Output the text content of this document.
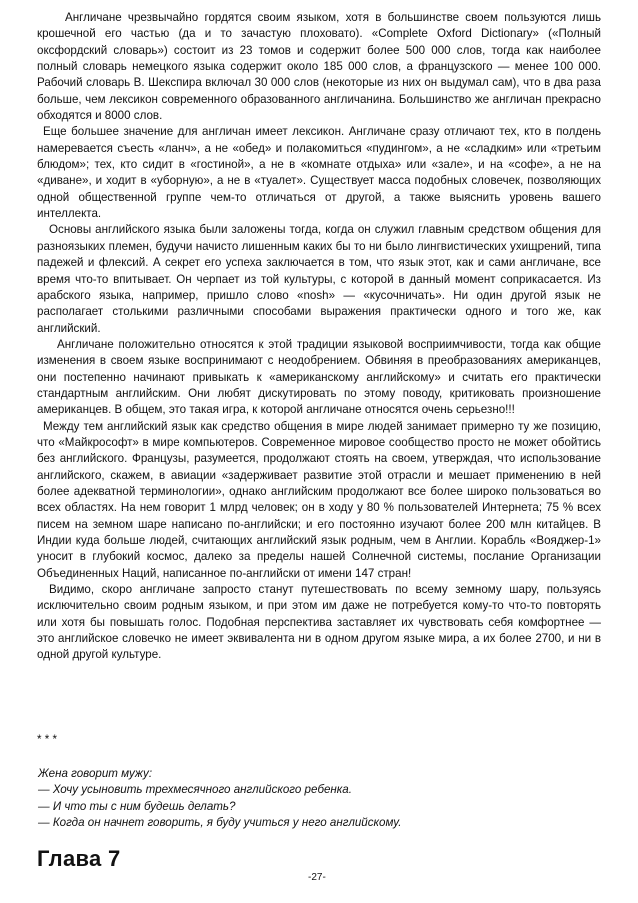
Англичане чрезвычайно гордятся своим языком, хотя в большинстве своем пользуются лишь крошечной его частью (да и то зачастую плоховато). «Complete Oxford Dictionary» («Полный оксфордский словарь») состоит из 23 томов и содержит более 500 000 слов, тогда как наиболее полный словарь немецкого языка содержит около 185 000 слов, а французского — менее 100 000. Рабочий словарь В. Шекспира включал 30 000 слов (некоторые из них он выдумал сам), что в два раза больше, чем лексикон современного образованного англичанина. Большинство же англичан прекрасно обходятся и 8000 слов.

Еще большее значение для англичан имеет лексикон. Англичане сразу отличают тех, кто в полдень намеревается съесть «ланч», а не «обед» и полакомиться «пудингом», а не «сладким» или «третьим блюдом»; тех, кто сидит в «гостиной», а не в «комнате отдыха» или «зале», и на «софе», а не на «диване», и ходит в «уборную», а не в «туалет». Существует масса подобных словечек, позволяющих одной общественной группе чем-то отличаться от другой, а также выяснить уровень вашего интеллекта.

Основы английского языка были заложены тогда, когда он служил главным средством общения для разноязыких племен, будучи начисто лишенным каких бы то ни было лингвистических ухищрений, типа падежей и флексий. А секрет его успеха заключается в том, что язык этот, как и сами англичане, все время что-то впитывает. Он черпает из той культуры, с которой в данный момент соприкасается. Из арабского языка, например, пришло слово «nosh» — «кусочничать». Ни один другой язык не располагает столькими различными способами выражения практически одного и того же, как английский.

Англичане положительно относятся к этой традиции языковой восприимчивости, тогда как общие изменения в своем языке воспринимают с неодобрением. Обвиняя в преобразованиях американцев, они постепенно начинают привыкать к «американскому английскому» и считать его практически стандартным английским. Они любят дискутировать по этому поводу, критиковать произношение американцев. В общем, это такая игра, к которой англичане относятся очень серьезно!!!

Между тем английский язык как средство общения в мире людей занимает примерно ту же позицию, что «Майкрософт» в мире компьютеров. Современное мировое сообщество просто не может обойтись без английского. Французы, разумеется, продолжают стоять на своем, утверждая, что использование английского, скажем, в авиации «задерживает развитие этой отрасли и мешает применению в ней более адекватной терминологии», однако английским продолжают все более широко пользоваться во всех областях. На нем говорит 1 млрд человек; он в ходу у 80 % пользователей Интернета; 75 % всех писем на земном шаре написано по-английски; и его постоянно изучают более 200 млн китайцев. В Индии куда больше людей, считающих английский язык родным, чем в Англии. Корабль «Вояджер-1» уносит в глубокий космос, далеко за пределы нашей Солнечной системы, послание Организации Объединенных Наций, написанное по-английски от имени 147 стран!

Видимо, скоро англичане запросто станут путешествовать по всему земному шару, пользуясь исключительно своим родным языком, и при этом им даже не потребуется кому-то что-то повторять или хотя бы повышать голос. Подобная перспектива заставляет их чувствовать себя комфортнее — это английское словечко не имеет эквивалента ни в одном другом языке мира, а их более 2700, и ни в одной другой культуре.

* * *
Жена говорит мужу:
— Хочу усыновить трехмесячного английского ребенка.
— И что ты с ним будешь делать?
— Когда он начнет говорить, я буду учиться у него английскому.
Глава 7
-27-
